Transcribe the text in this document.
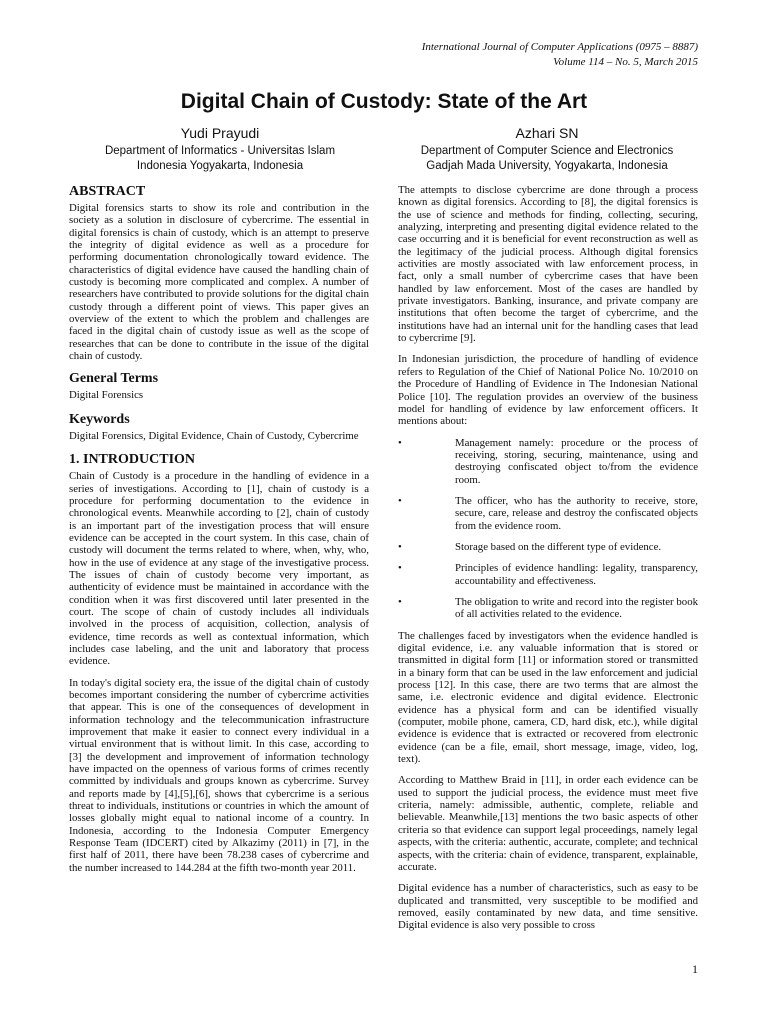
International Journal of Computer Applications (0975 – 8887)
Volume 114 – No. 5, March 2015
Digital Chain of Custody: State of the Art
Yudi Prayudi
Department of Informatics - Universitas Islam
Indonesia Yogyakarta, Indonesia
Azhari SN
Department of Computer Science and Electronics
Gadjah Mada University, Yogyakarta, Indonesia
ABSTRACT

Digital forensics starts to show its role and contribution in the society as a solution in disclosure of cybercrime. The essential in digital forensics is chain of custody, which is an attempt to preserve the integrity of digital evidence as well as a procedure for performing documentation chronologically toward evidence. The characteristics of digital evidence have caused the handling chain of custody is becoming more complicated and complex. A number of researchers have contributed to provide solutions for the digital chain custody through a different point of views. This paper gives an overview of the extent to which the problem and challenges are faced in the digital chain of custody issue as well as the scope of researches that can be done to contribute in the issue of the digital chain of custody.

General Terms

Digital Forensics

Keywords

Digital Forensics, Digital Evidence, Chain of Custody, Cybercrime

1. INTRODUCTION

Chain of Custody is a procedure in the handling of evidence in a series of investigations. According to [1], chain of custody is a procedure for performing documentation to the evidence in chronological events. Meanwhile according to [2], chain of custody is an important part of the investigation process that will ensure evidence can be accepted in the court system. In this case, chain of custody will document the terms related to where, when, why, who, how in the use of evidence at any stage of the investigative process. The issues of chain of custody become very important, as authenticity of evidence must be maintained in accordance with the condition when it was first discovered until later presented in the court. The scope of chain of custody includes all individuals involved in the process of acquisition, collection, analysis of evidence, time records as well as contextual information, which includes case labeling, and the unit and laboratory that process evidence.

In today's digital society era, the issue of the digital chain of custody becomes important considering the number of cybercrime activities that appear. This is one of the consequences of development in information technology and the telecommunication infrastructure improvement that make it easier to connect every individual in a virtual environment that is without limit. In this case, according to [3] the development and improvement of information technology have impacted on the openness of various forms of crimes recently committed by individuals and groups known as cybercrime. Survey and reports made by [4],[5],[6], shows that cybercrime is a serious threat to individuals, institutions or countries in which the amount of losses globally might equal to national income of a country. In Indonesia, according to the Indonesia Computer Emergency Response Team (IDCERT) cited by Alkazimy (2011) in [7], in the first half of 2011, there have been 78.238 cases of cybercrime and the number increased to 144.284 at the fifth two-month year 2011.

The attempts to disclose cybercrime are done through a process known as digital forensics. According to [8], the digital forensics is the use of science and methods for finding, collecting, securing, analyzing, interpreting and presenting digital evidence related to the case occurring and it is beneficial for event reconstruction as well as the legitimacy of the judicial process. Although digital forensics activities are mostly associated with law enforcement process, in fact, only a small number of cybercrime cases that have been handled by law enforcement. Most of the cases are handled by private investigators. Banking, insurance, and private company are institutions that often become the target of cybercrime, and the institutions have had an internal unit for the handling cases that lead to cybercrime [9].

In Indonesian jurisdiction, the procedure of handling of evidence refers to Regulation of the Chief of National Police No. 10/2010 on the Procedure of Handling of Evidence in The Indonesian National Police [10]. The regulation provides an overview of the business model for handling of evidence by law enforcement officers. It mentions about:

• Management namely: procedure or the process of receiving, storing, securing, maintenance, using and destroying confiscated object to/from the evidence room.
• The officer, who has the authority to receive, store, secure, care, release and destroy the confiscated objects from the evidence room.
• Storage based on the different type of evidence.
• Principles of evidence handling: legality, transparency, accountability and effectiveness.
• The obligation to write and record into the register book of all activities related to the evidence.

The challenges faced by investigators when the evidence handled is digital evidence, i.e. any valuable information that is stored or transmitted in digital form [11] or information stored or transmitted in a binary form that can be used in the law enforcement and judicial process [12]. In this case, there are two terms that are almost the same, i.e. electronic evidence and digital evidence. Electronic evidence has a physical form and can be identified visually (computer, mobile phone, camera, CD, hard disk, etc.), while digital evidence is evidence that is extracted or recovered from electronic evidence (can be a file, email, short message, image, video, log, text).

According to Matthew Braid in [11], in order each evidence can be used to support the judicial process, the evidence must meet five criteria, namely: admissible, authentic, complete, reliable and believable. Meanwhile,[13] mentions the two basic aspects of other criteria so that evidence can support legal proceedings, namely legal aspects, with the criteria: authentic, accurate, complete; and technical aspects, with the criteria: chain of evidence, transparent, explainable, accurate.

Digital evidence has a number of characteristics, such as easy to be duplicated and transmitted, very susceptible to be modified and removed, easily contaminated by new data, and time sensitive. Digital evidence is also very possible to cross

1
